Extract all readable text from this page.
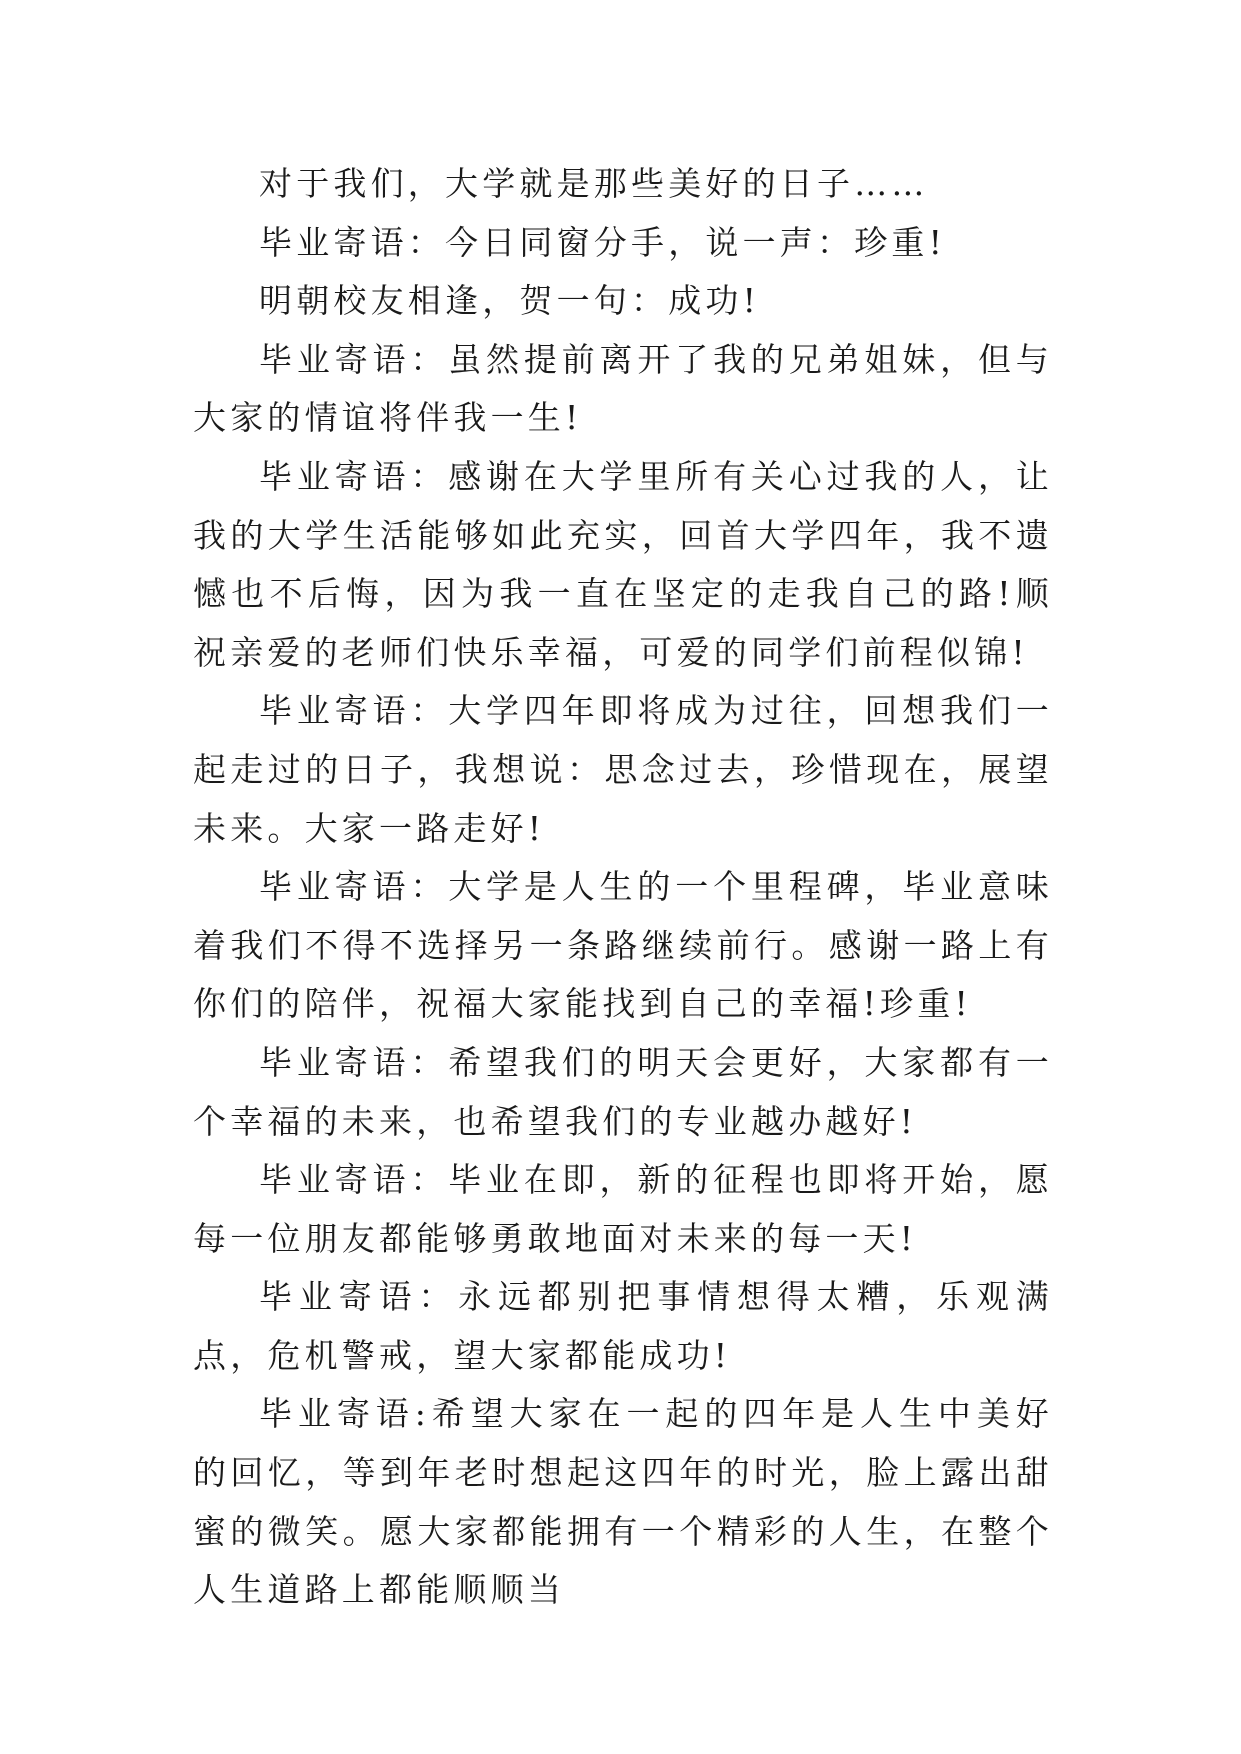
对于我们，大学就是那些美好的日子……

毕业寄语：今日同窗分手，说一声：珍重!

明朝校友相逢，贺一句：成功!

毕业寄语：虽然提前离开了我的兄弟姐妹，但与大家的情谊将伴我一生!

毕业寄语：感谢在大学里所有关心过我的人，让我的大学生活能够如此充实，回首大学四年，我不遗憾也不后悔，因为我一直在坚定的走我自己的路!顺祝亲爱的老师们快乐幸福，可爱的同学们前程似锦!

毕业寄语：大学四年即将成为过往，回想我们一起走过的日子，我想说：思念过去，珍惜现在，展望未来。大家一路走好!

毕业寄语：大学是人生的一个里程碑，毕业意味着我们不得不选择另一条路继续前行。感谢一路上有你们的陪伴，祝福大家能找到自己的幸福!珍重!

毕业寄语：希望我们的明天会更好，大家都有一个幸福的未来，也希望我们的专业越办越好!

毕业寄语：毕业在即，新的征程也即将开始，愿每一位朋友都能够勇敢地面对未来的每一天!

毕业寄语：永远都别把事情想得太糟，乐观满点，危机警戒，望大家都能成功!

毕业寄语:希望大家在一起的四年是人生中美好的回忆，等到年老时想起这四年的时光，脸上露出甜蜜的微笑。愿大家都能拥有一个精彩的人生，在整个人生道路上都能顺顺当
